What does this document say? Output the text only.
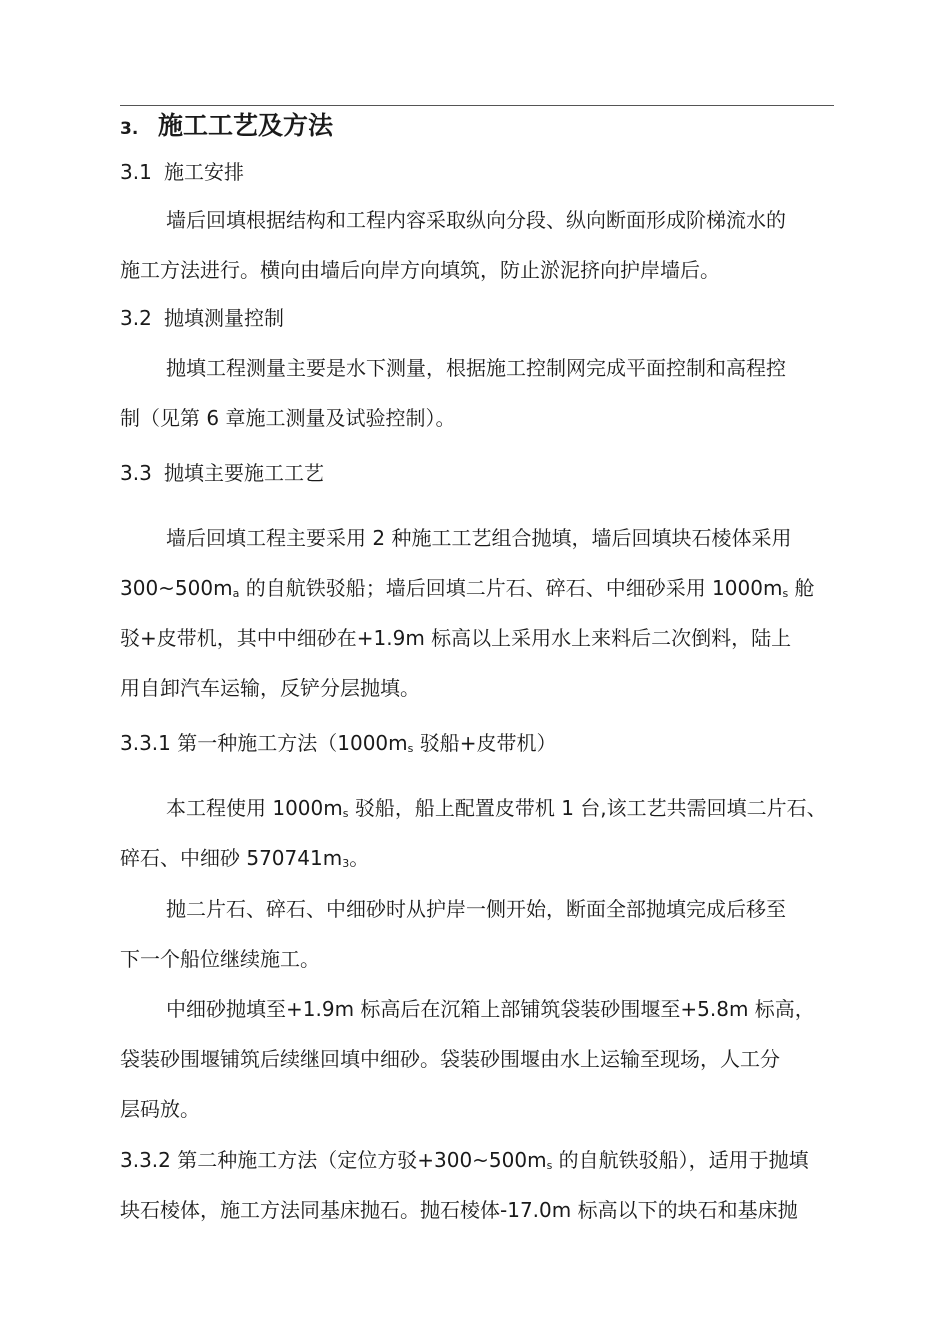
3. 施工工艺及方法
3.1 施工安排
墙后回填根据结构和工程内容采取纵向分段、纵向断面形成阶梯流水的
施工方法进行。横向由墙后向岸方向填筑，防止淤泥挤向护岸墙后。
3.2 抛填测量控制
抛填工程测量主要是水下测量，根据施工控制网完成平面控制和高程控
制（见第 6 章施工测量及试验控制）。
3.3 抛填主要施工工艺
墙后回填工程主要采用 2 种施工工艺组合抛填，墙后回填块石棱体采用
$300\sim 500m_a$ 的自航铁驳船；墙后回填二片石、碎石、中细砂采用 $1000m_s$ 舱
驳+皮带机，其中中细砂在+1.9m 标高以上采用水上来料后二次倒料，陆上
用自卸汽车运输，反铲分层抛填。
3.3.1 第一种施工方法（$1000m_s$ 驳船+皮带机）
本工程使用 $1000m_s$ 驳船，船上配置皮带机 1 台,该工艺共需回填二片石、
碎石、中细砂 $570741m_3$。
抛二片石、碎石、中细砂时从护岸一侧开始，断面全部抛填完成后移至
下一个船位继续施工。
中细砂抛填至+1.9m 标高后在沉箱上部铺筑袋装砂围堰至+5.8m 标高，
袋装砂围堰铺筑后续继回填中细砂。袋装砂围堰由水上运输至现场，人工分
层码放。
3.3.2 第二种施工方法（定位方驳$+300\sim 500m_s$ 的自航铁驳船），适用于抛填
块石棱体，施工方法同基床抛石。抛石棱体-17.0m 标高以下的块石和基床抛
